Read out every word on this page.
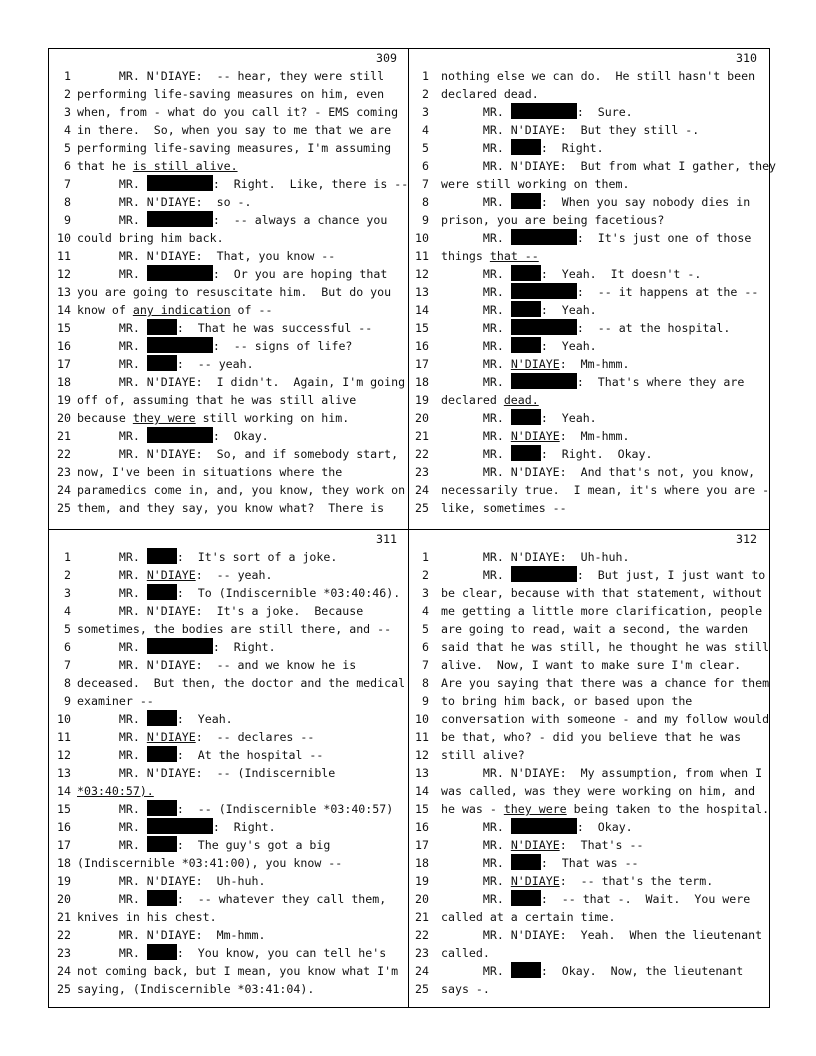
309
1 MR. N'DIAYE:  -- hear, they were still
2 performing life-saving measures on him, even
3 when, from - what do you call it? - EMS coming
4 in there.  So, when you say to me that we are
5 performing life-saving measures, I'm assuming
6 that he is still alive.
7 MR.	:  Right.  Like, there is --
8 MR. N'DIAYE:  so -.
9 MR.	:  -- always a chance you
10 could bring him back.
11 MR. N'DIAYE:  That, you know --
12 MR.	:  Or you are hoping that
13 you are going to resuscitate him.  But do you
14 know of any indication of --
15 MR.	:  That he was successful --
16 MR.	:  -- signs of life?
17 MR.	:  -- yeah.
18 MR. N'DIAYE:  I didn't.  Again, I'm going
19 off of, assuming that he was still alive
20 because they were still working on him.
21 MR.	:  Okay.
22 MR. N'DIAYE:  So, and if somebody start,
23 now, I've been in situations where the
24 paramedics come in, and, you know, they work on
25 them, and they say, you know what?  There is
310
1 nothing else we can do.  He still hasn't been
2 declared dead.
3 MR.	:  Sure.
4 MR. N'DIAYE:  But they still -.
5 MR.	:  Right.
6 MR. N'DIAYE:  But from what I gather, they
7 were still working on them.
8 MR.	:  When you say nobody dies in
9 prison, you are being facetious?
10 MR.	:  It's just one of those
11 things that --
12 MR.	:  Yeah.  It doesn't -.
13 MR.	:  -- it happens at the --
14 MR.	:  Yeah.
15 MR.	:  -- at the hospital.
16 MR.	:  Yeah.
17 MR. N'DIAYE:  Mm-hmm.
18 MR.	:  That's where they are
19 declared dead.
20 MR.	:  Yeah.
21 MR. N'DIAYE:  Mm-hmm.
22 MR.	:  Right.  Okay.
23 MR. N'DIAYE:  And that's not, you know,
24 necessarily true.  I mean, it's where you are -
25 like, sometimes --
311
1 MR.	:  It's sort of a joke.
2 MR. N'DIAYE:  -- yeah.
3 MR.	:  To (Indiscernible *03:40:46).
4 MR. N'DIAYE:  It's a joke.  Because
5 sometimes, the bodies are still there, and --
6 MR.	:  Right.
7 MR. N'DIAYE:  -- and we know he is
8 deceased.  But then, the doctor and the medical
9 examiner --
10 MR.	:  Yeah.
11 MR. N'DIAYE:  -- declares --
12 MR.	:  At the hospital --
13 MR. N'DIAYE:  -- (Indiscernible
14 *03:40:57).
15 MR.	:  -- (Indiscernible *03:40:57)
16 MR.	:  Right.
17 MR.	:  The guy's got a big
18 (Indiscernible *03:41:00), you know --
19 MR. N'DIAYE:  Uh-huh.
20 MR.	:  -- whatever they call them,
21 knives in his chest.
22 MR. N'DIAYE:  Mm-hmm.
23 MR.	:  You know, you can tell he's
24 not coming back, but I mean, you know what I'm
25 saying, (Indiscernible *03:41:04).
312
1 MR. N'DIAYE:  Uh-huh.
2 MR.	:  But just, I just want to
3 be clear, because with that statement, without
4 me getting a little more clarification, people
5 are going to read, wait a second, the warden
6 said that he was still, he thought he was still
7 alive.  Now, I want to make sure I'm clear.
8 Are you saying that there was a chance for them
9 to bring him back, or based upon the
10 conversation with someone - and my follow would
11 be that, who? - did you believe that he was
12 still alive?
13 MR. N'DIAYE:  My assumption, from when I
14 was called, was they were working on him, and
15 he was - they were being taken to the hospital.
16 MR.	:  Okay.
17 MR. N'DIAYE:  That's --
18 MR.	:  That was --
19 MR. N'DIAYE:  -- that's the term.
20 MR.	:  -- that -.  Wait.  You were
21 called at a certain time.
22 MR. N'DIAYE:  Yeah.  When the lieutenant
23 called.
24 MR.	:  Okay.  Now, the lieutenant
25 says -.
